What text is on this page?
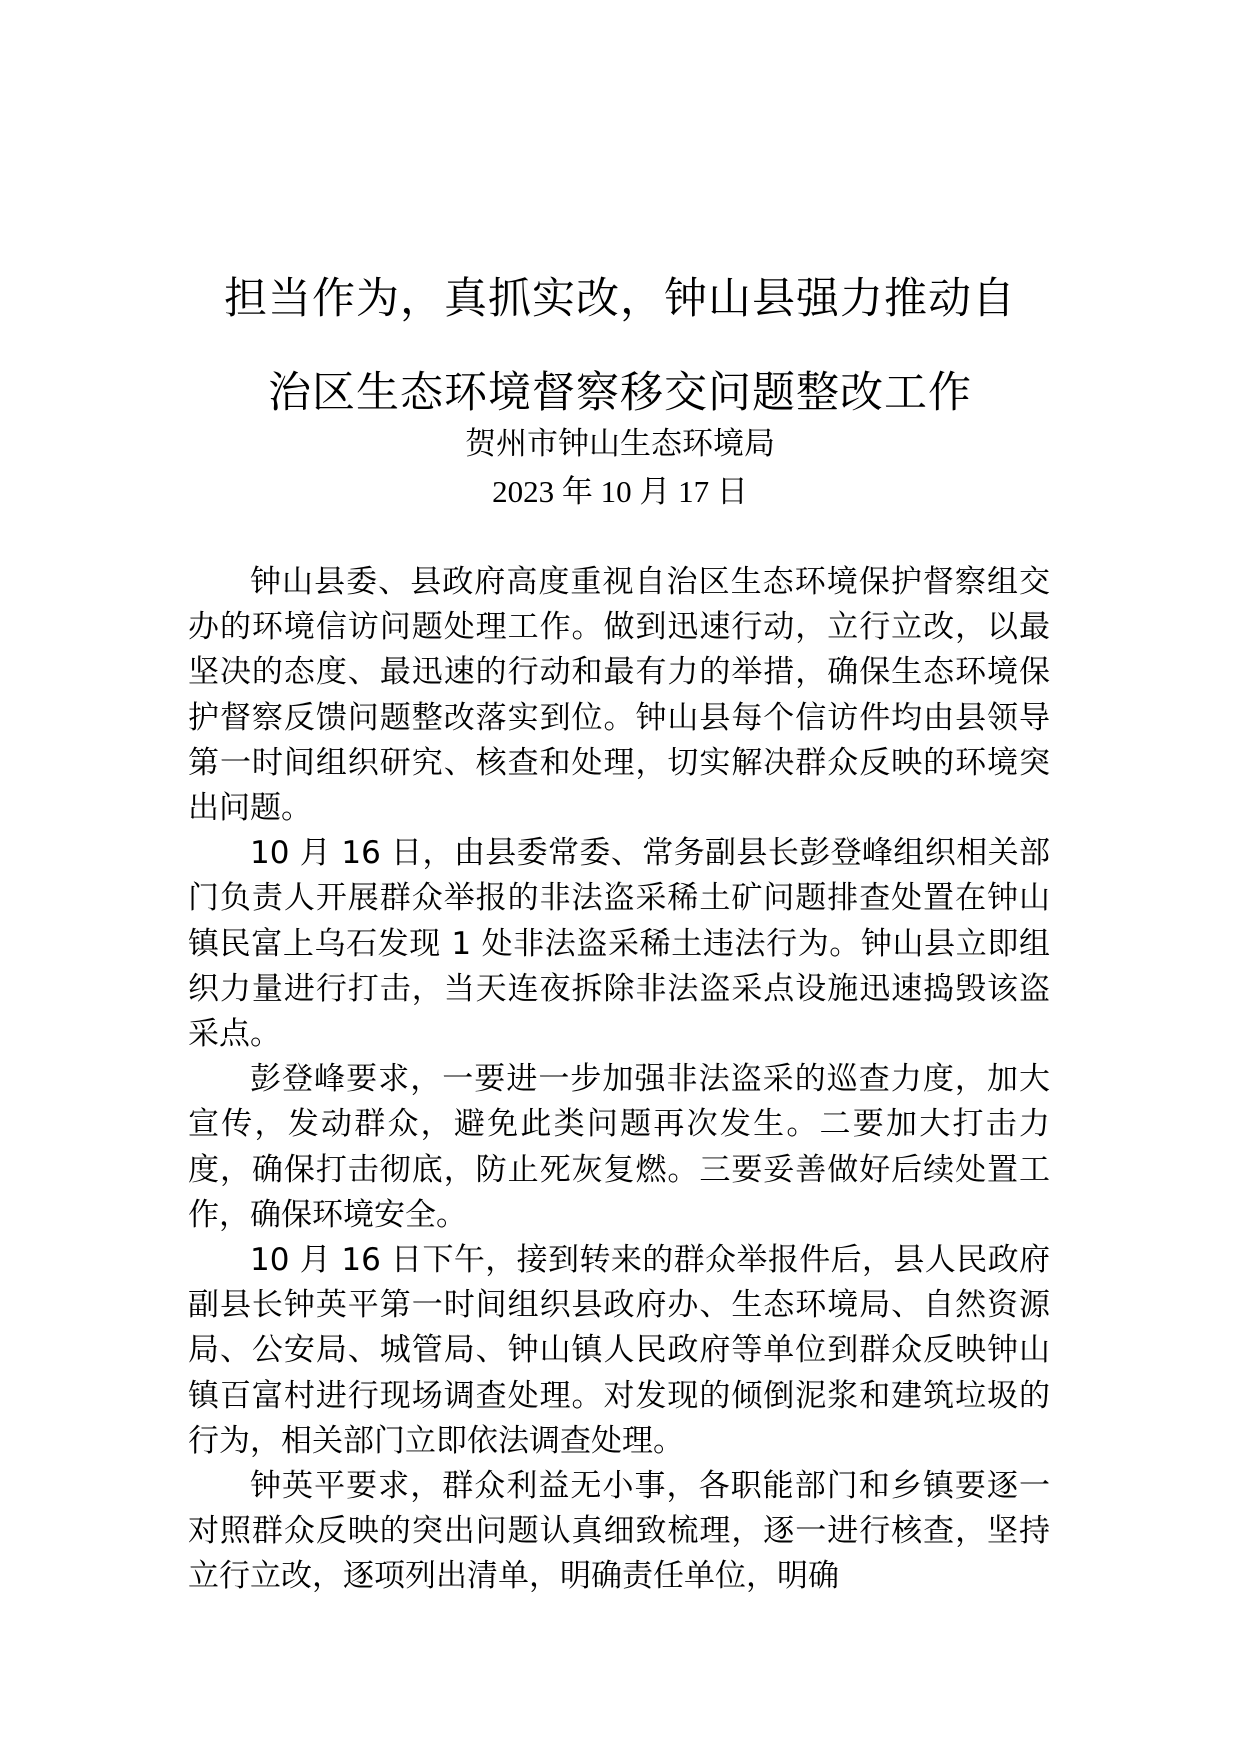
担当作为，真抓实改，钟山县强力推动自
治区生态环境督察移交问题整改工作

贺州市钟山生态环境局

2023 年 10 月 17 日

钟山县委、县政府高度重视自治区生态环境保护督察组交办的环境信访问题处理工作。做到迅速行动，立行立改，以最坚决的态度、最迅速的行动和最有力的举措，确保生态环境保护督察反馈问题整改落实到位。钟山县每个信访件均由县领导第一时间组织研究、核查和处理，切实解决群众反映的环境突出问题。

10 月 16 日，由县委常委、常务副县长彭登峰组织相关部门负责人开展群众举报的非法盗采稀土矿问题排查处置在钟山镇民富上乌石发现 1 处非法盗采稀土违法行为。钟山县立即组织力量进行打击，当天连夜拆除非法盗采点设施迅速捣毁该盗采点。

彭登峰要求，一要进一步加强非法盗采的巡查力度，加大宣传，发动群众，避免此类问题再次发生。二要加大打击力度，确保打击彻底，防止死灰复燃。三要妥善做好后续处置工作，确保环境安全。

10 月 16 日下午，接到转来的群众举报件后，县人民政府副县长钟英平第一时间组织县政府办、生态环境局、自然资源局、公安局、城管局、钟山镇人民政府等单位到群众反映钟山镇百富村进行现场调查处理。对发现的倾倒泥浆和建筑垃圾的行为，相关部门立即依法调查处理。

钟英平要求，群众利益无小事，各职能部门和乡镇要逐一对照群众反映的突出问题认真细致梳理，逐一进行核查，坚持立行立改，逐项列出清单，明确责任单位，明确
